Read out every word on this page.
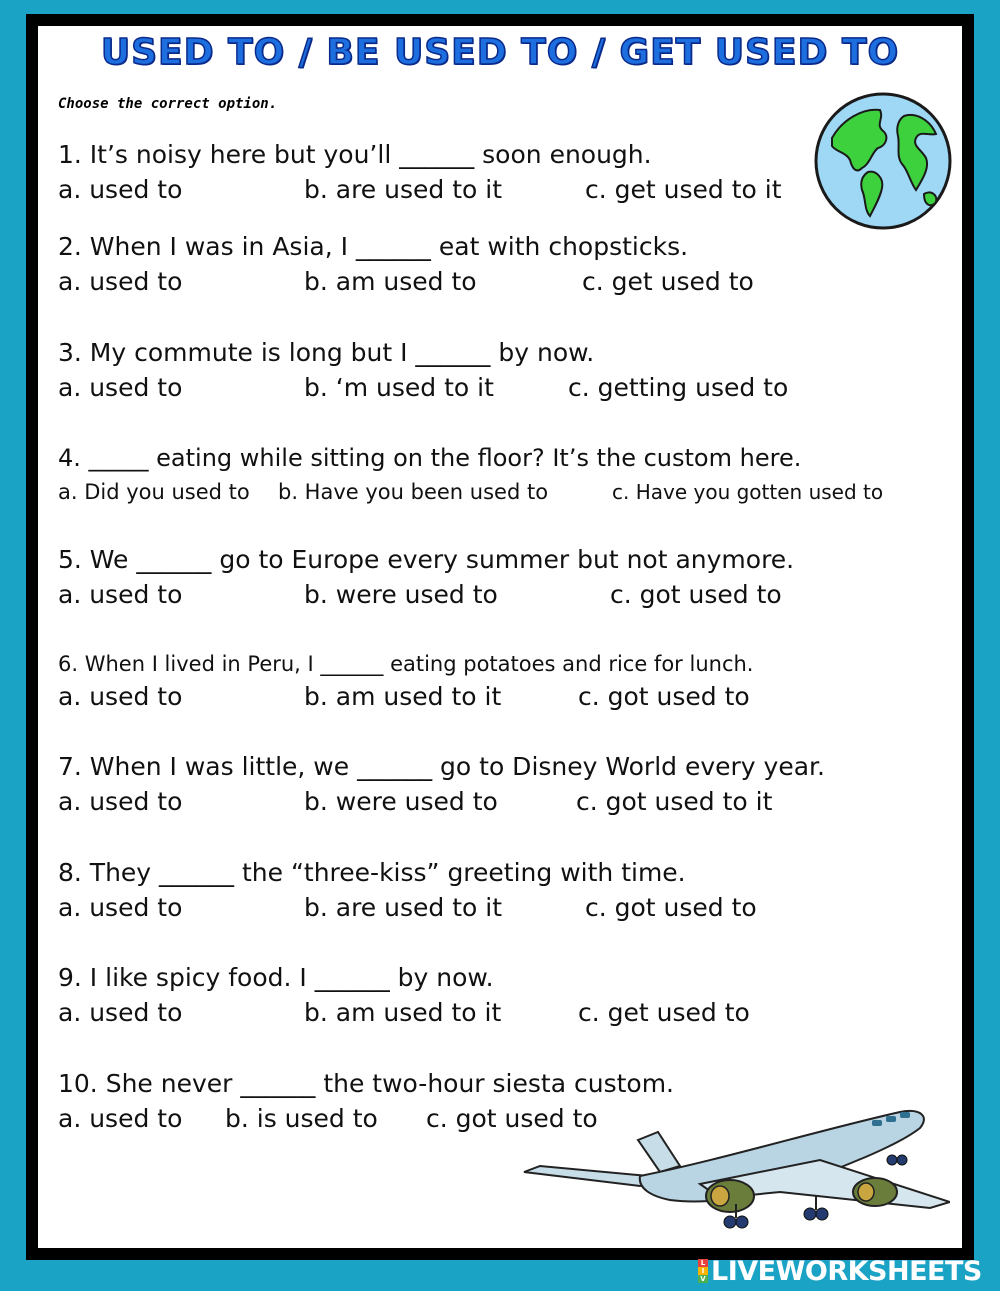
USED TO / BE USED TO / GET USED TO
Choose the correct option.
1. It’s noisy here but you’ll ______ soon enough.
a. used to	b. are used to it	c. get used to it
2. When I was in Asia, I ______ eat with chopsticks.
a. used to	b. am used to	c. get used to
3. My commute is long but I ______ by now.
a. used to	b. ‘m used to it	c. getting used to
4. _____ eating while sitting on the floor? It’s the custom here.
a. Did you used to b. Have you been used to	c. Have you gotten used to
5. We ______ go to Europe every summer but not anymore.
a. used to	b. were used to	c. got used to
6. When I lived in Peru, I ______ eating potatoes and rice for lunch.
a. used to	b. am used to it	c. got used to
7. When I was little, we ______ go to Disney World every year.
a. used to	b. were used to	c. got used to it
8. They ______ the “three-kiss” greeting with time.
a. used to	b. are used to it	c. got used to
9. I like spicy food. I ______ by now.
a. used to	b. am used to it	c. get used to
10. She never ______ the two-hour siesta custom.
a. used to b. is used to c. got used to
L
I
V LIVEWORKSHEETS
